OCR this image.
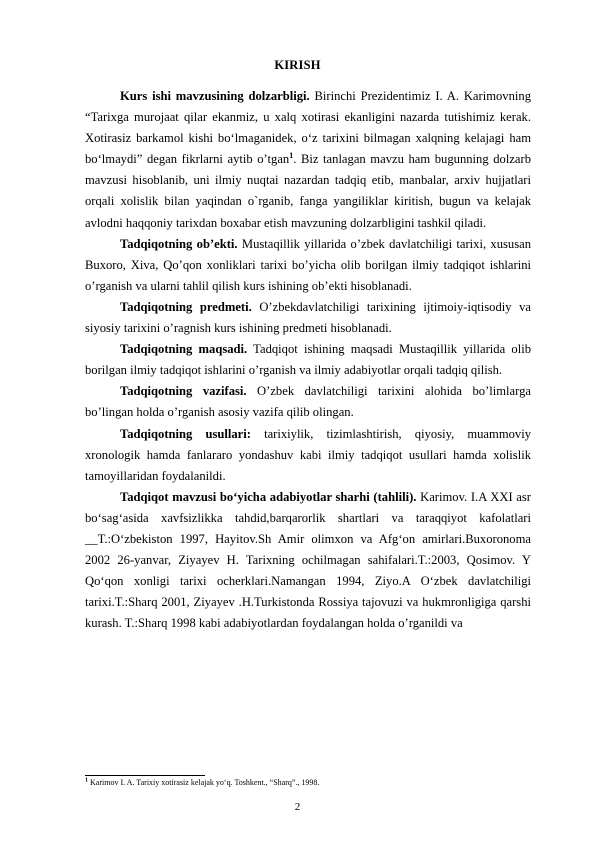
KIRISH

Kurs ishi mavzusining dolzarbligi. Birinchi Prezidentimiz I. A. Karimovning “Tarixga murojaat qilar ekanmiz, u xalq xotirasi ekanligini nazarda tutishimiz kerak. Xotirasiz barkamol kishi bo‘lmaganidek, o‘z tarixini bilmagan xalqning kelajagi ham bo‘lmaydi” degan fikrlarni aytib o’tgan$^1$. Biz tanlagan mavzu ham bugunning dolzarb mavzusi hisoblanib, uni ilmiy nuqtai nazardan tadqiq etib, manbalar, arxiv hujjatlari orqali xolislik bilan yaqindan o`rganib, fanga yangiliklar kiritish, bugun va kelajak avlodni haqqoniy tarixdan boxabar etish mavzuning dolzarbligini tashkil qiladi.

Tadqiqotning ob’ekti. Mustaqillik yillarida o’zbek davlatchiligi tarixi, xususan Buxoro, Xiva, Qo’qon xonliklari tarixi bo’yicha olib borilgan ilmiy tadqiqot ishlarini o’rganish va ularni tahlil qilish kurs ishining ob’ekti hisoblanadi.

Tadqiqotning predmeti. O’zbekdavlatchiligi tarixining ijtimoiy-iqtisodiy va siyosiy tarixini o’ragnish kurs ishining predmeti hisoblanadi.

Tadqiqotning maqsadi. Tadqiqot ishining maqsadi Mustaqillik yillarida olib borilgan ilmiy tadqiqot ishlarini o’rganish va ilmiy adabiyotlar orqali tadqiq qilish.

Tadqiqotning vazifasi. O’zbek davlatchiligi tarixini alohida bo’limlarga bo’lingan holda o’rganish asosiy vazifa qilib olingan.

Tadqiqotning usullari: tarixiylik, tizimlashtirish, qiyosiy, muammoviy xronologik hamda fanlararo yondashuv kabi ilmiy tadqiqot usullari hamda xolislik tamoyillaridan foydalanildi.

Tadqiqot mavzusi bo‘yicha adabiyotlar sharhi (tahlili). Karimov. I.A XXI asr bo‘sag‘asida xavfsizlikka tahdid,barqarorlik shartlari va taraqqiyot kafolatlari __T.:O‘zbekiston 1997, Hayitov.Sh Amir olimxon va Afg‘on amirlari.Buxoronoma 2002 26-yanvar, Ziyayev H. Tarixning ochilmagan sahifalari.T.:2003, Qosimov. Y Qo‘qon xonligi tarixi ocherklari.Namangan 1994, Ziyo.A O‘zbek davlatchiligi tarixi.T.:Sharq 2001, Ziyayev .H.Turkistonda Rossiya tajovuzi va hukmronligiga qarshi kurash. T.:Sharq 1998 kabi adabiyotlardan foydalangan holda o’rganildi va

$^1$ Karimov I. A. Tarixiy xotirasiz kelajak yo‘q. Toshkent., “Sharq”., 1998.
2
